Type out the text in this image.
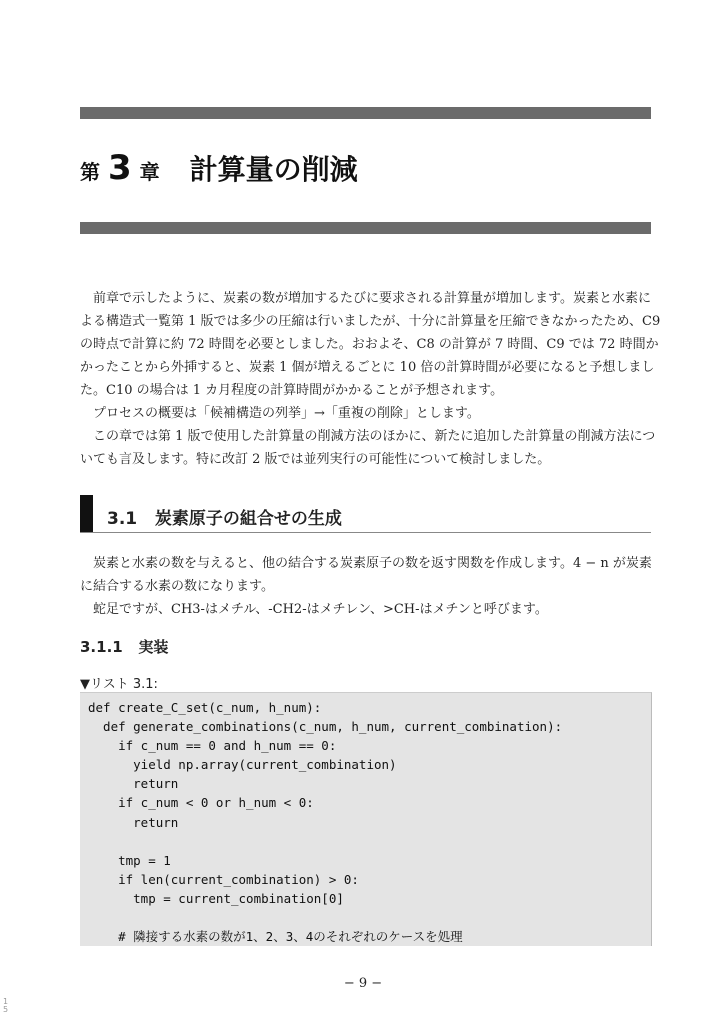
第 3 章 計算量の削減
前章で示したように、炭素の数が増加するたびに要求される計算量が増加します。炭素と水素に
よる構造式一覧第 1 版では多少の圧縮は行いましたが、十分に計算量を圧縮できなかったため、C9
の時点で計算に約 72 時間を必要としました。おおよそ、C8 の計算が 7 時間、C9 では 72 時間か
かったことから外挿すると、炭素 1 個が増えるごとに 10 倍の計算時間が必要になると予想しまし
た。C10 の場合は 1 カ月程度の計算時間がかかることが予想されます。
プロセスの概要は「候補構造の列挙」→「重複の削除」とします。
この章では第 1 版で使用した計算量の削減方法のほかに、新たに追加した計算量の削減方法につ
いても言及します。特に改訂 2 版では並列実行の可能性について検討しました。
3.1 炭素原子の組合せの生成
炭素と水素の数を与えると、他の結合する炭素原子の数を返す関数を作成します。4 − n が炭素
に結合する水素の数になります。
蛇足ですが、CH3-はメチル、-CH2-はメチレン、>CH-はメチンと呼びます。
3.1.1 実装
▼リスト 3.1:
def create_C_set(c_num, h_num):
def generate_combinations(c_num, h_num, current_combination):
if c_num == 0 and h_num == 0:
yield np.array(current_combination)
return
if c_num < 0 or h_num < 0:
return

tmp = 1
if len(current_combination) > 0:
tmp = current_combination[0]

# 隣接する水素の数が1、2、3、4のそれぞれのケースを処理
− 9 −
1
5
